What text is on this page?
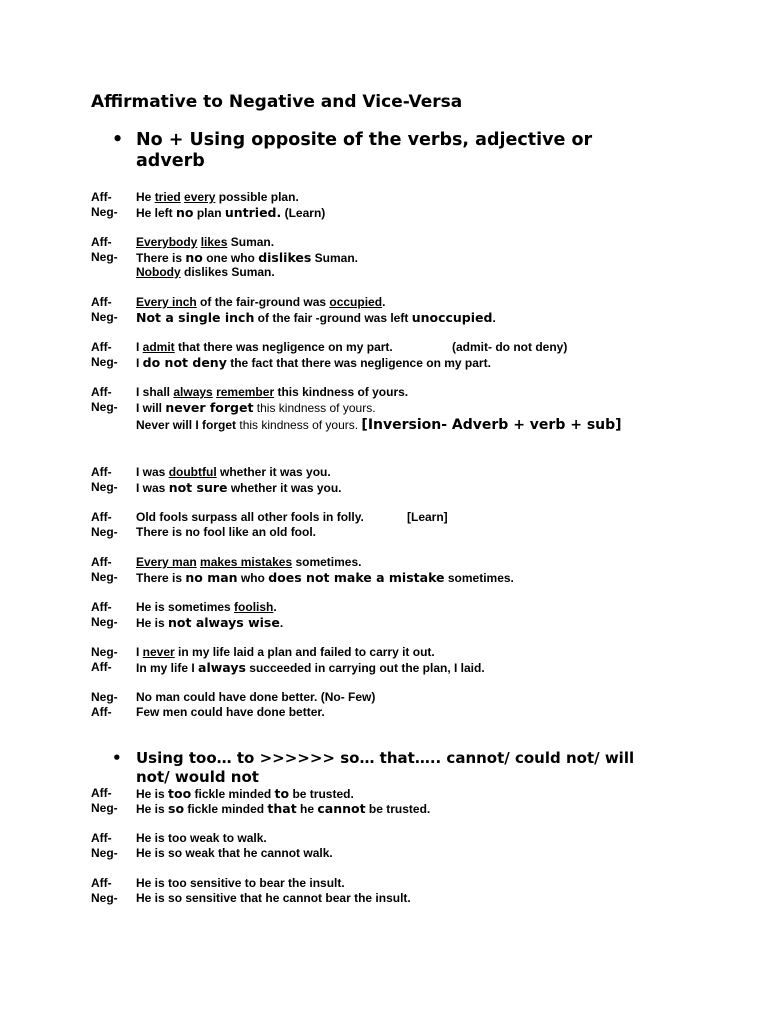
Affirmative to Negative and Vice-Versa
• No + Using opposite of the verbs, adjective or adverb
Aff- He tried every possible plan.
Neg- He left no plan untried. (Learn)
Aff- Everybody likes Suman.
Neg- There is no one who dislikes Suman.
Nobody dislikes Suman.
Aff- Every inch of the fair-ground was occupied.
Neg- Not a single inch of the fair -ground was left unoccupied.
Aff- I admit that there was negligence on my part.	(admit- do not deny)
Neg- I do not deny the fact that there was negligence on my part.
Aff- I shall always remember this kindness of yours.
Neg- I will never forget this kindness of yours.
Never will I forget this kindness of yours. [Inversion- Adverb + verb + sub]
Aff- I was doubtful whether it was you.
Neg- I was not sure whether it was you.
Aff- Old fools surpass all other fools in folly.	[Learn]
Neg- There is no fool like an old fool.
Aff- Every man makes mistakes sometimes.
Neg- There is no man who does not make a mistake sometimes.
Aff- He is sometimes foolish.
Neg- He is not always wise.
Neg- I never in my life laid a plan and failed to carry it out.
Aff- In my life I always succeeded in carrying out the plan, I laid.
Neg- No man could have done better. (No- Few)
Aff- Few men could have done better.
• Using too… to >>>>>> so… that….. cannot/ could not/ will not/ would not
Aff- He is too fickle minded to be trusted.
Neg- He is so fickle minded that he cannot be trusted.
Aff- He is too weak to walk.
Neg- He is so weak that he cannot walk.
Aff- He is too sensitive to bear the insult.
Neg- He is so sensitive that he cannot bear the insult.
